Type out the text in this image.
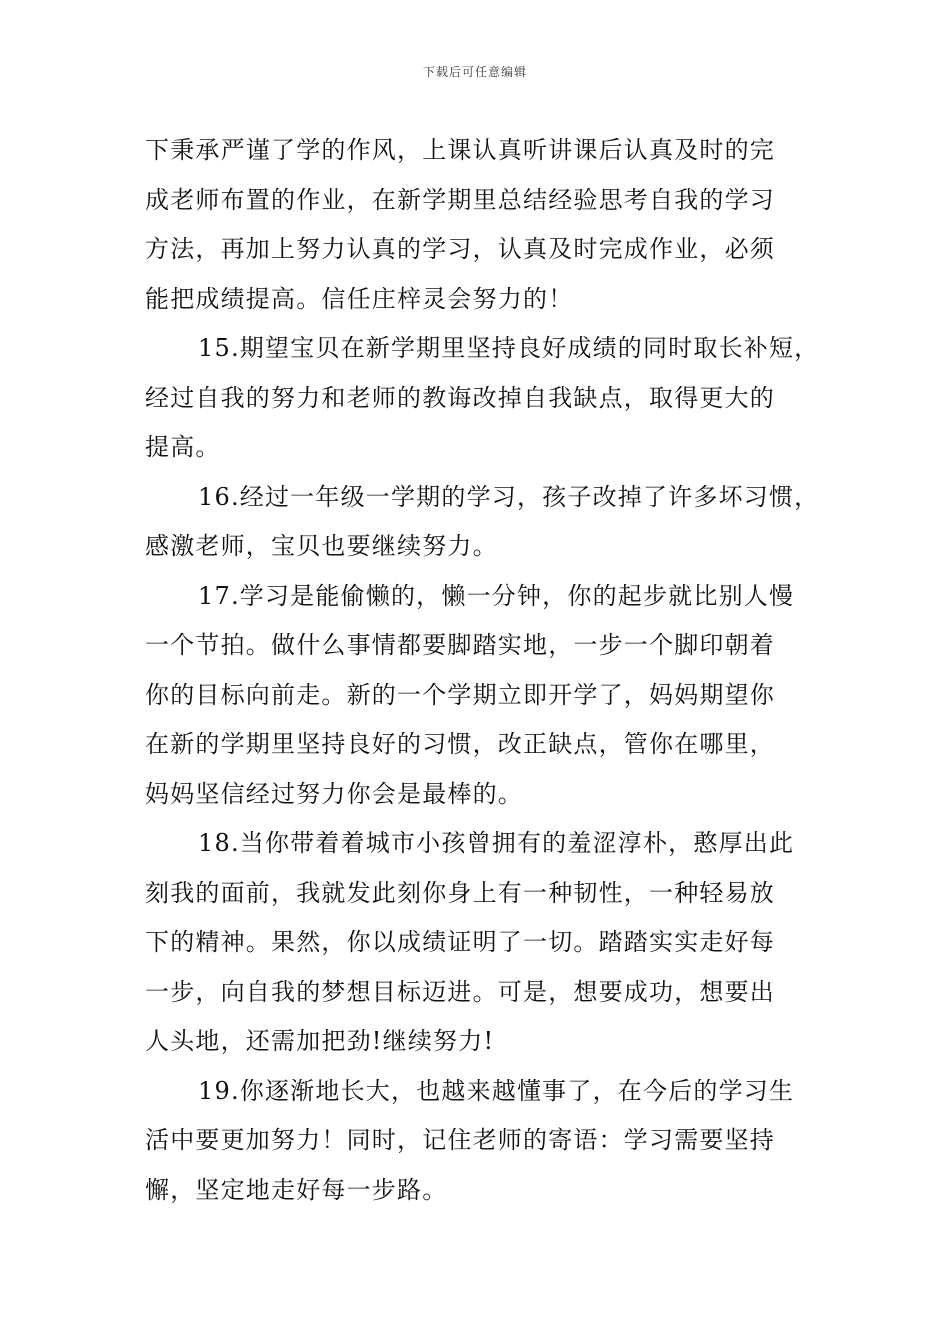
下载后可任意编辑

下秉承严谨了学的作风，上课认真听讲课后认真及时的完
成老师布置的作业，在新学期里总结经验思考自我的学习
方法，再加上努力认真的学习，认真及时完成作业，必须
能把成绩提高。信任庄梓灵会努力的！

15.期望宝贝在新学期里坚持良好成绩的同时取长补短，
经过自我的努力和老师的教诲改掉自我缺点，取得更大的
提高。

16.经过一年级一学期的学习，孩子改掉了许多坏习惯，
感激老师，宝贝也要继续努力。

17.学习是能偷懒的，懒一分钟，你的起步就比别人慢
一个节拍。做什么事情都要脚踏实地，一步一个脚印朝着
你的目标向前走。新的一个学期立即开学了，妈妈期望你
在新的学期里坚持良好的习惯，改正缺点，管你在哪里，
妈妈坚信经过努力你会是最棒的。

18.当你带着着城市小孩曾拥有的羞涩淳朴，憨厚出此
刻我的面前，我就发此刻你身上有一种韧性，一种轻易放
下的精神。果然，你以成绩证明了一切。踏踏实实走好每
一步，向自我的梦想目标迈进。可是，想要成功，想要出
人头地，还需加把劲!继续努力!

19.你逐渐地长大，也越来越懂事了，在今后的学习生
活中要更加努力！同时，记住老师的寄语：学习需要坚持
懈，坚定地走好每一步路。
